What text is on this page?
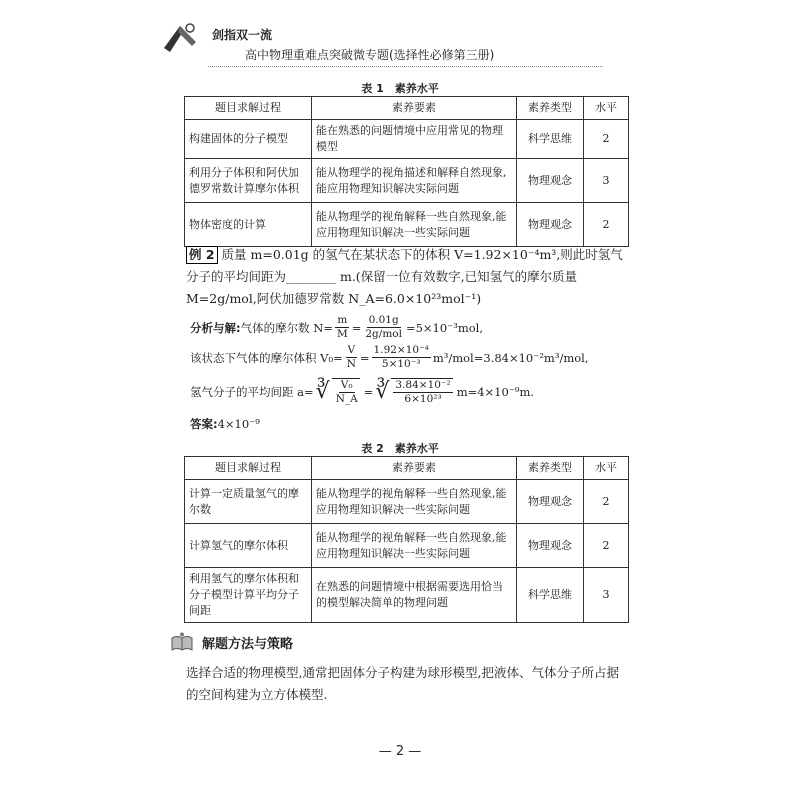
剑指双一流
高中物理重难点突破微专题(选择性必修第三册)
表 1　素养水平
题目求解过程	素养要素	素养类型	水平
构建固体的分子模型	能在熟悉的问题情境中应用常见的物理模型	科学思维	2
利用分子体积和阿伏加德罗常数计算摩尔体积	能从物理学的视角描述和解释自然现象,能应用物理知识解决实际问题	物理观念	3
物体密度的计算	能从物理学的视角解释一些自然现象,能应用物理知识解决一些实际问题	物理观念	2
例 2 质量 m=0.01g 的氢气在某状态下的体积 V=1.92×10⁻⁴m³,则此时氢气分子的平均间距为________ m.(保留一位有效数字,已知氢气的摩尔质量 M=2g/mol,阿伏加德罗常数 N_A=6.0×10²³mol⁻¹)
分析与解: 气体的摩尔数 $N= \frac{m}{M} = \frac{0.01g}{\text{2g/mol}} =5\times 10^{-3}mol$,
该状态下气体的摩尔体积 $V_0= \frac{V}{N} = \frac{\text{1.92×10⁻⁴}}{\text{5×10⁻³}} m^3/mol=3.84\times 10^{-2}m^3/mol$,
氢气分子的平均间距 a= ∛ $\frac{\text{V₀}}{N\_A}$ = ∛ $\frac{\text{3.84×10⁻²}}{\text{6×10²³}} m=4\times 10^{-9}m$.
答案: 4×10⁻⁹
表 2　素养水平
题目求解过程	素养要素	素养类型	水平
计算一定质量氢气的摩尔数	能从物理学的视角解释一些自然现象,能应用物理知识解决一些实际问题	物理观念	2
计算氢气的摩尔体积	能从物理学的视角解释一些自然现象,能应用物理知识解决一些实际问题	物理观念	2
利用氢气的摩尔体积和分子模型计算平均分子间距	在熟悉的问题情境中根据需要选用恰当的模型解决简单的物理问题	科学思维	3
解题方法与策略
选择合适的物理模型,通常把固体分子构建为球形模型,把液体、气体分子所占据的空间构建为立方体模型.
— 2 —
